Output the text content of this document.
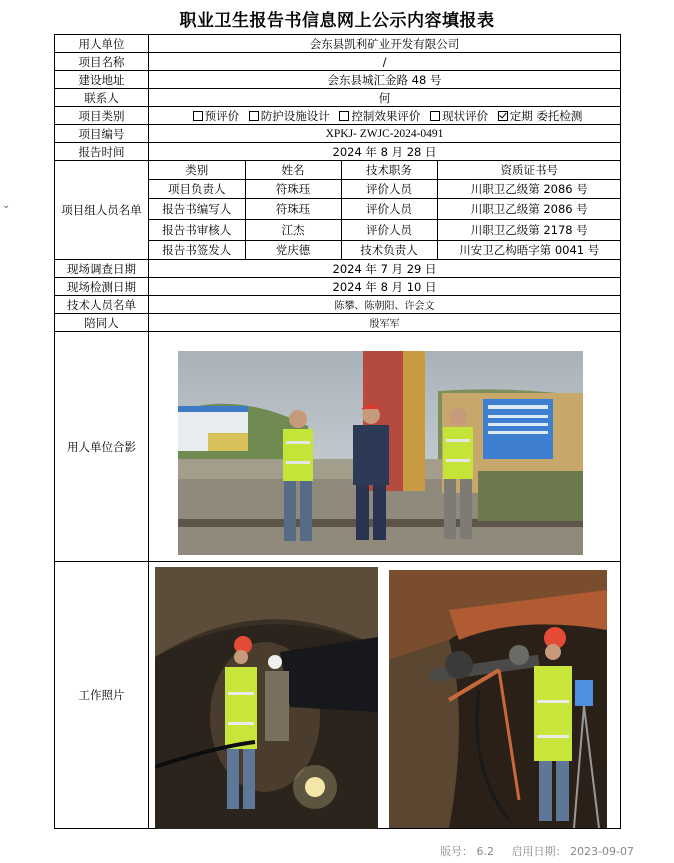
职业卫生报告书信息网上公示内容填报表
⌄
用人单位	会东县凯利矿业开发有限公司
项目名称	/
建设地址	会东县城汇金路 48 号
联系人	何
项目类别	预评价 防护设施设计 控制效果评价 现状评价 定期 委托检测
项目编号	XPKJ- ZWJC-2024-0491
报告时间	2024 年 8 月 28 日
项目组人员名单	
类别	姓名	技术职务	资质证书号
项目负责人	符珠珏	评价人员	川职卫乙级第 2086 号
报告书编写人	符珠珏	评价人员	川职卫乙级第 2086 号
报告书审核人	江杰	评价人员	川职卫乙级第 2178 号
报告书签发人	党庆德	技术负责人	川安卫乙构晤字第 0041 号

现场调查日期	2024 年 7 月 29 日
现场检测日期	2024 年 8 月 10 日
技术人员名单	陈攀、陈朝阳、许会文
陪同人	殷军军
用人单位合影	
工作照片	
版号： 6.2 启用日期： 2023-09-07
